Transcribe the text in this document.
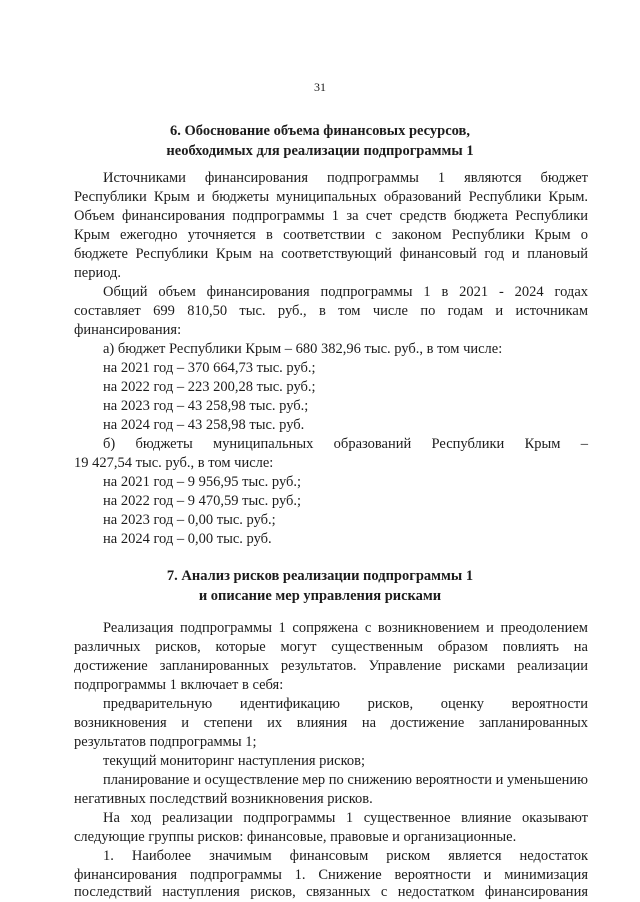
31
6. Обоснование объема финансовых ресурсов,
необходимых для реализации подпрограммы 1
Источниками финансирования подпрограммы 1 являются бюджет
Республики Крым и бюджеты муниципальных образований Республики Крым.
Объем финансирования подпрограммы 1 за счет средств бюджета Республики
Крым ежегодно уточняется в соответствии с законом Республики Крым о
бюджете Республики Крым на соответствующий финансовый год и плановый
период.
Общий объем финансирования подпрограммы 1 в 2021 - 2024 годах
составляет 699 810,50 тыс. руб., в том числе по годам и источникам
финансирования:
а) бюджет Республики Крым – 680 382,96 тыс. руб., в том числе:
на 2021 год – 370 664,73 тыс. руб.;
на 2022 год – 223 200,28 тыс. руб.;
на 2023 год – 43 258,98 тыс. руб.;
на 2024 год – 43 258,98 тыс. руб.
б) бюджеты муниципальных образований Республики Крым –
19 427,54 тыс. руб., в том числе:
на 2021 год – 9 956,95 тыс. руб.;
на 2022 год – 9 470,59 тыс. руб.;
на 2023 год – 0,00 тыс. руб.;
на 2024 год – 0,00 тыс. руб.
7. Анализ рисков реализации подпрограммы 1
и описание мер управления рисками
Реализация подпрограммы 1 сопряжена с возникновением и преодолением
различных рисков, которые могут существенным образом повлиять на
достижение запланированных результатов. Управление рисками реализации
подпрограммы 1 включает в себя:
предварительную идентификацию рисков, оценку вероятности
возникновения и степени их влияния на достижение запланированных
результатов подпрограммы 1;
текущий мониторинг наступления рисков;
планирование и осуществление мер по снижению вероятности и уменьшению
негативных последствий возникновения рисков.
На ход реализации подпрограммы 1 существенное влияние оказывают
следующие группы рисков: финансовые, правовые и организационные.
1. Наиболее значимым финансовым риском является недостаток
финансирования подпрограммы 1. Снижение вероятности и минимизация
последствий наступления рисков, связанных с недостатком финансирования
